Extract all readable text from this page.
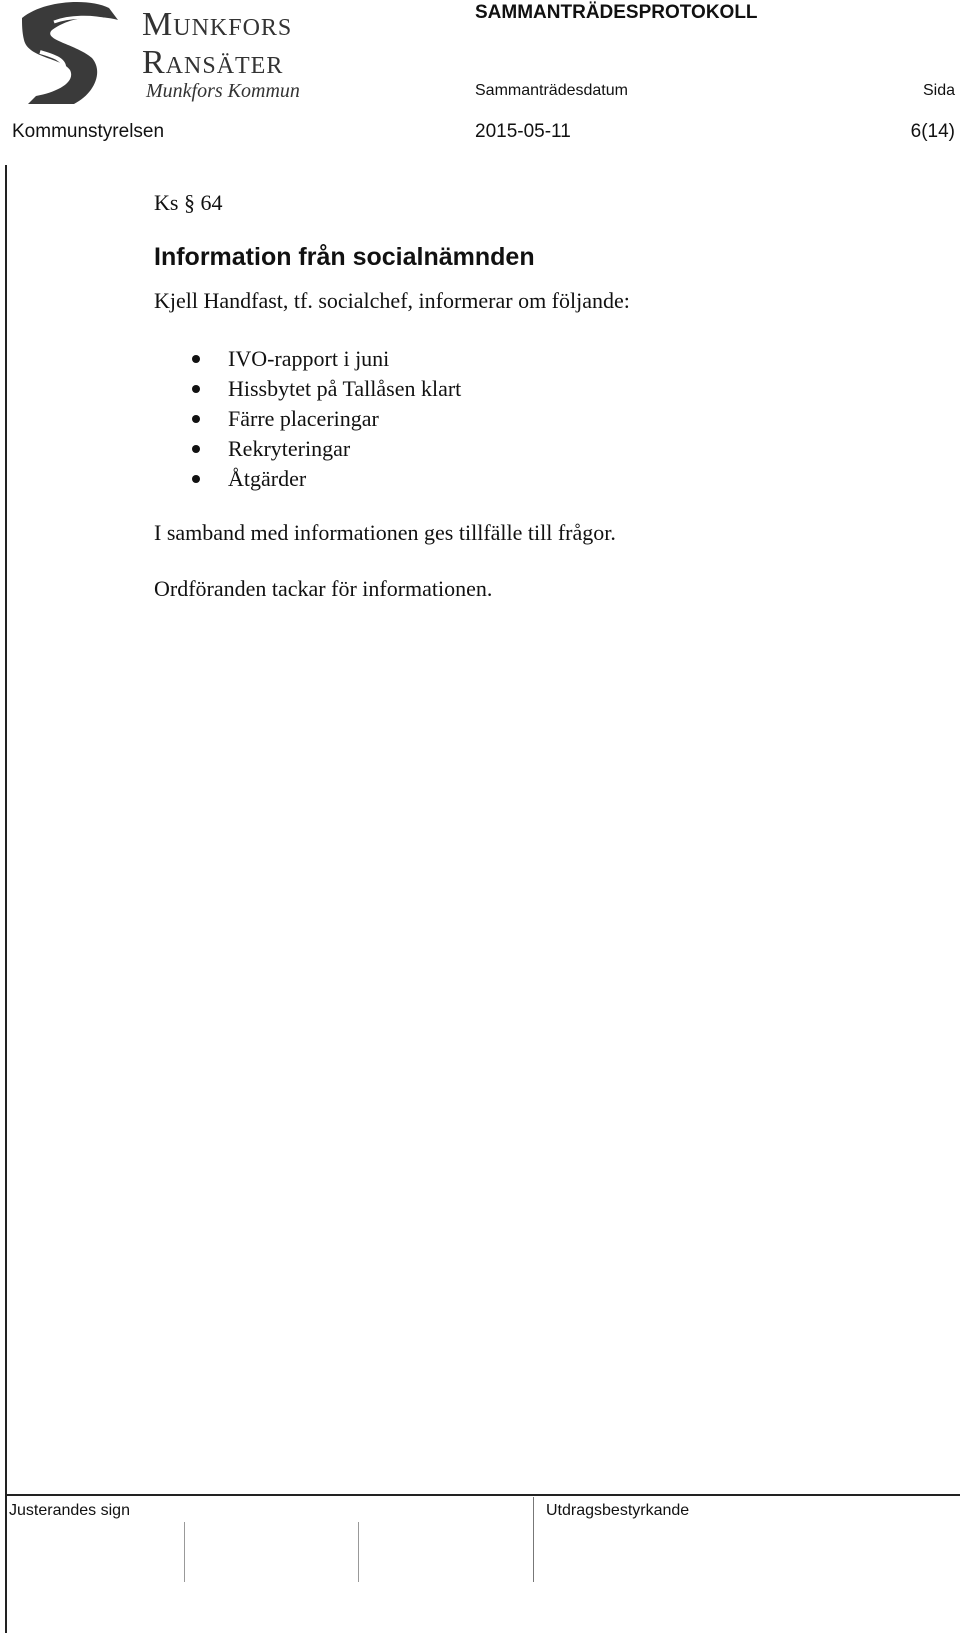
Munkfors
Ransäter
Munkfors Kommun
SAMMANTRÄDESPROTOKOLL
Sammanträdesdatum	Sida
Kommunstyrelsen	2015-05-11	6(14)

Ks § 64

Information från socialnämnden

Kjell Handfast, tf. socialchef, informerar om följande:

IVO-rapport i juni
Hissbytet på Tallåsen klart
Färre placeringar
Rekryteringar
Åtgärder

I samband med informationen ges tillfälle till frågor.

Ordföranden tackar för informationen.

Justerandes sign	Utdragsbestyrkande
